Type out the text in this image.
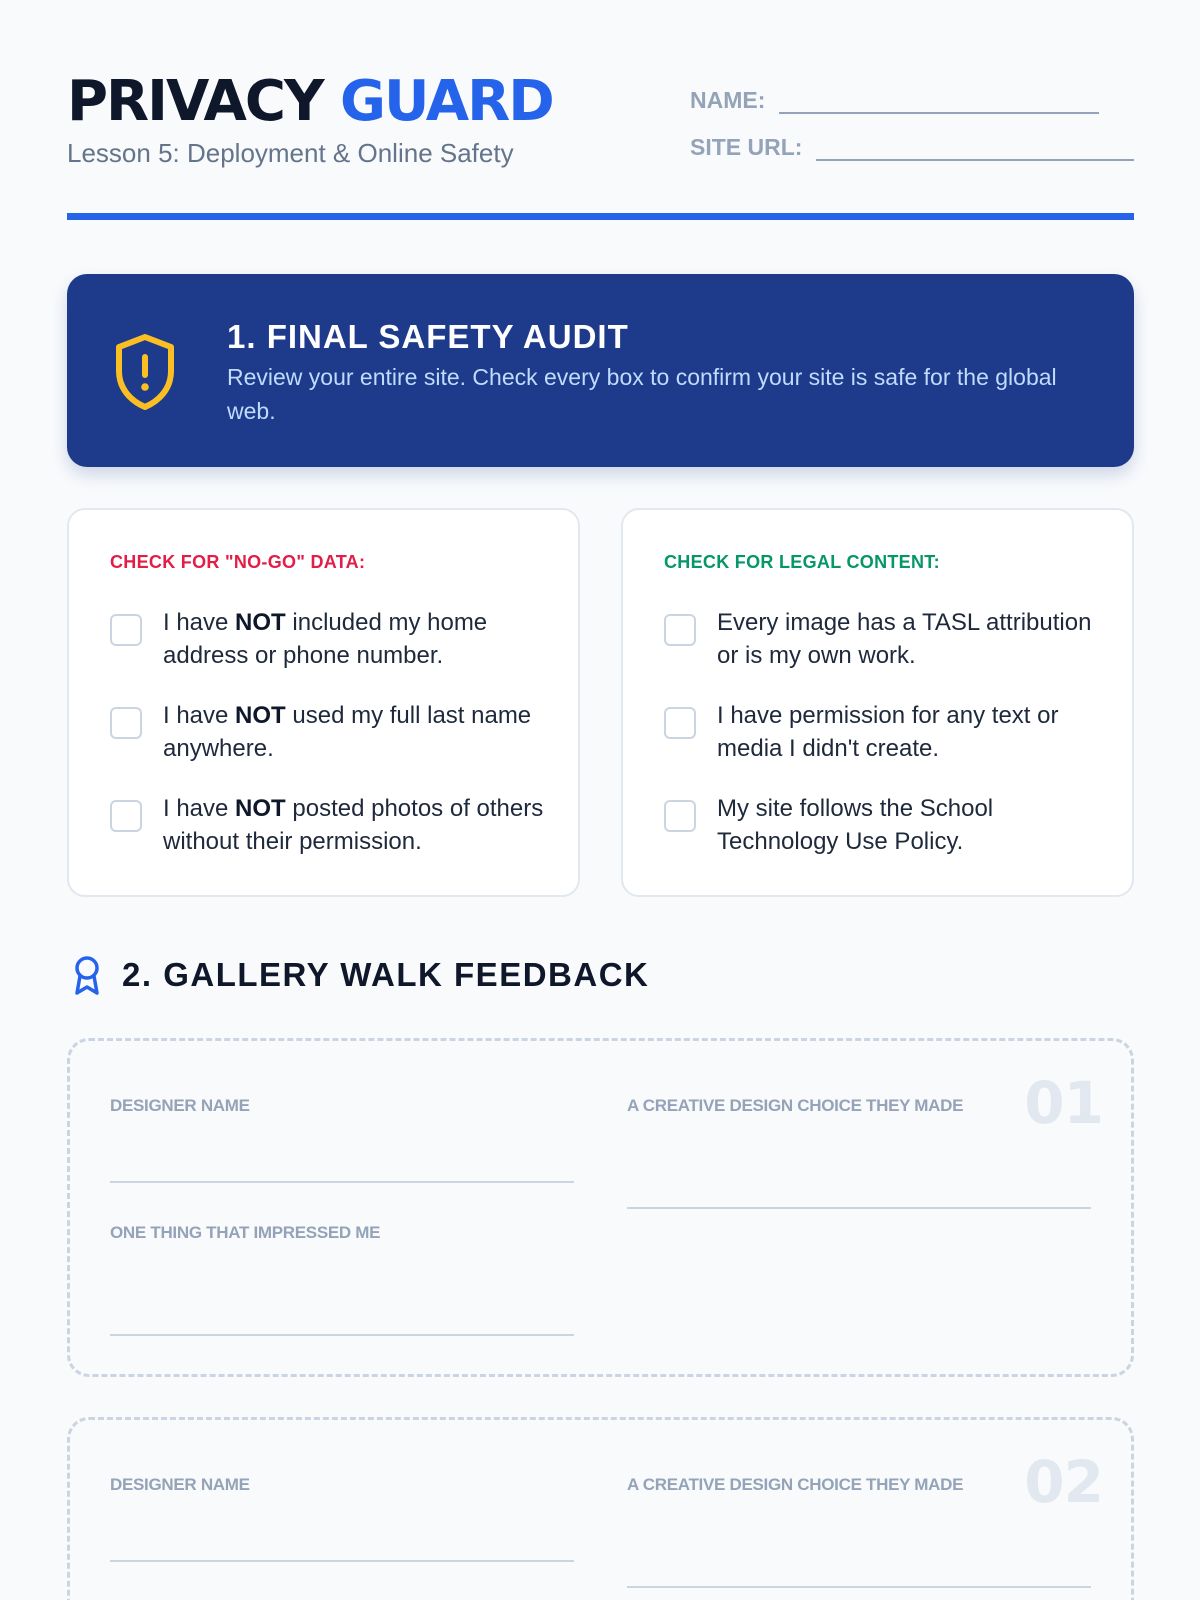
PRIVACY GUARD
Lesson 5: Deployment & Online Safety
NAME:
SITE URL:
1. FINAL SAFETY AUDIT
Review your entire site. Check every box to confirm your site is safe for the global web.
CHECK FOR "NO-GO" DATA:
I have NOT included my home address or phone number.
I have NOT used my full last name anywhere.
I have NOT posted photos of others without their permission.
CHECK FOR LEGAL CONTENT:
Every image has a TASL attribution or is my own work.
I have permission for any text or media I didn't create.
My site follows the School Technology Use Policy.
2. GALLERY WALK FEEDBACK
01
DESIGNER NAME	A CREATIVE DESIGN CHOICE THEY MADE
ONE THING THAT IMPRESSED ME
02
DESIGNER NAME	A CREATIVE DESIGN CHOICE THEY MADE
